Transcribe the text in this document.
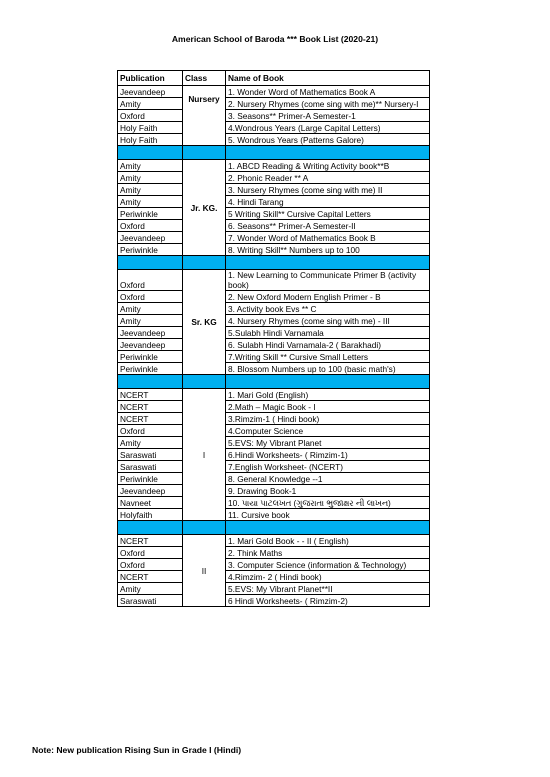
American School of Baroda *** Book List (2020-21)
Publication	Class	Name of Book
Jeevandeep	Nursery	1. Wonder Word of Mathematics Book A
Amity		2. Nursery Rhymes (come sing with me)** Nursery-I
Oxford		3. Seasons** Primer-A Semester-1
Holy Faith		4.Wondrous Years (Large Capital Letters)
Holy Faith		5. Wondrous Years (Patterns Galore)

Amity	Jr. KG.	1. ABCD Reading & Writing Activity book**B
Amity		2. Phonic Reader ** A
Amity		3. Nursery Rhymes (come sing with me) II
Amity		4. Hindi Tarang
Periwinkle		5 Writing Skill** Cursive Capital Letters
Oxford		6. Seasons** Primer-A Semester-II
Jeevandeep		7. Wonder Word of Mathematics Book B
Periwinkle		8. Writing Skill** Numbers up to 100

Oxford	Sr. KG	1. New Learning to Communicate Primer B (activity book)
Oxford		2. New Oxford Modern English Primer - B
Amity		3. Activity book Evs ** C
Amity		4. Nursery Rhymes (come sing with me) - III
Jeevandeep		5.Sulabh Hindi Varnamala
Jeevandeep		6. Sulabh Hindi Varnamala-2 ( Barakhadi)
Periwinkle		7.Writing Skill ** Cursive Small Letters
Periwinkle		8. Blossom Numbers up to 100 (basic math's)

NCERT	I	1. Mari Gold (English)
NCERT		2.Math – Magic Book - I
NCERT		3.Rimzim-1 ( Hindi book)
Oxford		4.Computer Science
Amity		5.EVS: My Vibrant Planet
Saraswati		6.Hindi Worksheets- ( Rimzim-1)
Saraswati		7.English Worksheet- (NCERT)
Periwinkle		8. General Knowledge --1
Jeevandeep		9. Drawing Book-1
Navneet		10. પાયા પાટલખત (ગુજરાતા ભુજાક્ષર ની લાખન)
Holyfaith		11. Cursive book

NCERT	II	1. Mari Gold Book - - II ( English)
Oxford		2. Think Maths
Oxford		3. Computer Science (information & Technology)
NCERT		4.Rimzim- 2 ( Hindi book)
Amity		5.EVS: My Vibrant Planet**II
Saraswati		6 Hindi Worksheets- ( Rimzim-2)
Note: New publication Rising Sun in Grade I (Hindi)
